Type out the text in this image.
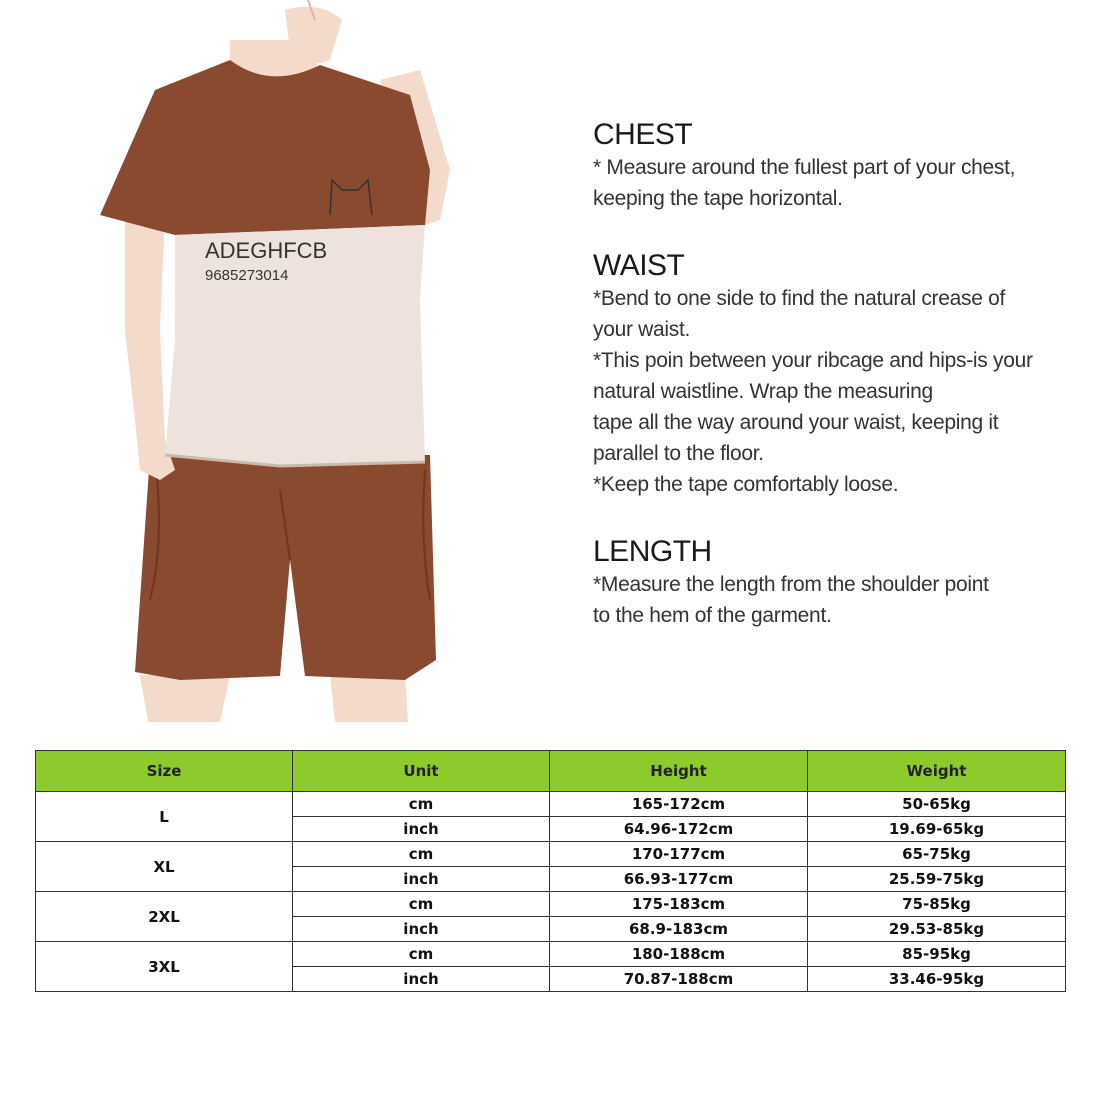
ADEGHFCB
9685273014
CHEST

* Measure around the fullest part of your chest,

keeping the tape horizontal.

WAIST

*Bend to one side to find the natural crease of

your waist.

*This poin between your ribcage and hips-is your

natural waistline. Wrap the measuring

tape all the way around your waist, keeping it

parallel to the floor.

*Keep the tape comfortably loose.

LENGTH

*Measure the length from the shoulder point

to the hem of the garment.

Size	Unit	Height	Weight
L	cm	165-172cm	50-65kg
	inch	64.96-172cm	19.69-65kg
XL	cm	170-177cm	65-75kg
	inch	66.93-177cm	25.59-75kg
2XL	cm	175-183cm	75-85kg
	inch	68.9-183cm	29.53-85kg
3XL	cm	180-188cm	85-95kg
	inch	70.87-188cm	33.46-95kg
